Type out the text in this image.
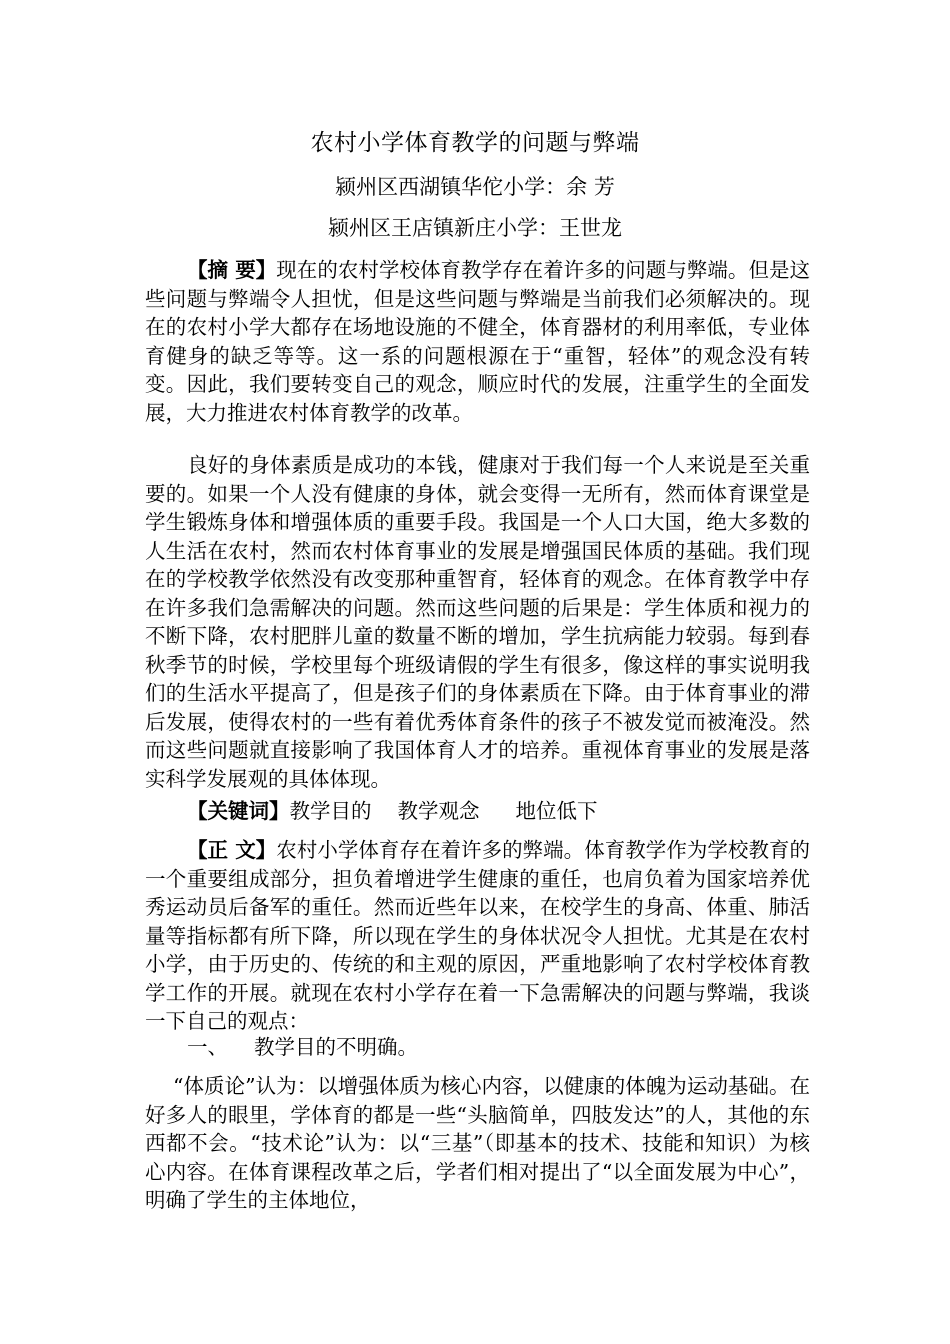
农村小学体育教学的问题与弊端
颍州区西湖镇华佗小学：余 芳
颍州区王店镇新庄小学：王世龙
【摘 要】现在的农村学校体育教学存在着许多的问题与弊端。但是这些问题与弊端令人担忧，但是这些问题与弊端是当前我们必须解决的。现在的农村小学大都存在场地设施的不健全，体育器材的利用率低，专业体育健身的缺乏等等。这一系的问题根源在于“重智，轻体”的观念没有转变。因此，我们要转变自己的观念，顺应时代的发展，注重学生的全面发展，大力推进农村体育教学的改革。
良好的身体素质是成功的本钱，健康对于我们每一个人来说是至关重要的。如果一个人没有健康的身体，就会变得一无所有，然而体育课堂是学生锻炼身体和增强体质的重要手段。我国是一个人口大国，绝大多数的人生活在农村，然而农村体育事业的发展是增强国民体质的基础。我们现在的学校教学依然没有改变那种重智育，轻体育的观念。在体育教学中存在许多我们急需解决的问题。然而这些问题的后果是：学生体质和视力的不断下降，农村肥胖儿童的数量不断的增加，学生抗病能力较弱。每到春秋季节的时候，学校里每个班级请假的学生有很多，像这样的事实说明我们的生活水平提高了，但是孩子们的身体素质在下降。由于体育事业的滞后发展，使得农村的一些有着优秀体育条件的孩子不被发觉而被淹没。然而这些问题就直接影响了我国体育人才的培养。重视体育事业的发展是落实科学发展观的具体体现。
【关键词】教学目的 教学观念 地位低下
【正 文】农村小学体育存在着许多的弊端。体育教学作为学校教育的一个重要组成部分，担负着增进学生健康的重任，也肩负着为国家培养优秀运动员后备军的重任。然而近些年以来，在校学生的身高、体重、肺活量等指标都有所下降，所以现在学生的身体状况令人担忧。尤其是在农村小学，由于历史的、传统的和主观的原因，严重地影响了农村学校体育教学工作的开展。就现在农村小学存在着一下急需解决的问题与弊端，我谈一下自己的观点：
一、 教学目的不明确。
“体质论”认为：以增强体质为核心内容，以健康的体魄为运动基础。在好多人的眼里，学体育的都是一些“头脑简单，四肢发达”的人，其他的东西都不会。“技术论”认为：以“三基”（即基本的技术、技能和知识）为核心内容。在体育课程改革之后，学者们相对提出了“以全面发展为中心”，明确了学生的主体地位，
